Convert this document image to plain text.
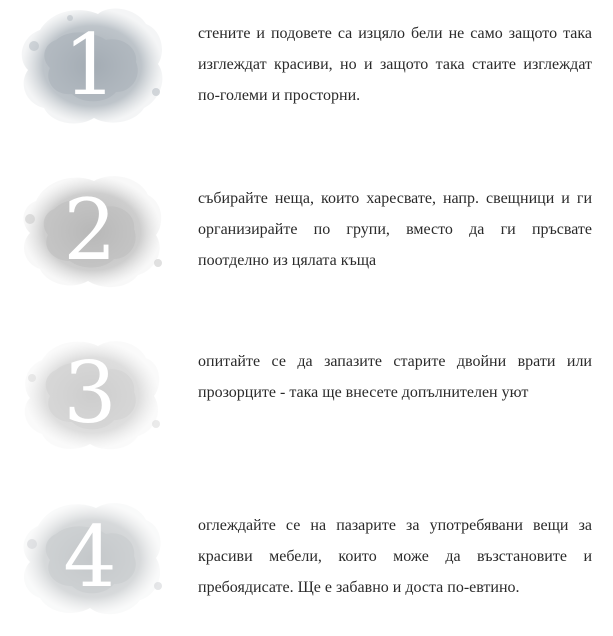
1	стените и подовете са изцяло бели не само защото така изглеждат красиви, но и защото така стаите изглеждат по-големи и просторни.

2	събирайте неща, които харесвате, напр. свещници и ги организирайте по групи, вместо да ги пръсвате поотделно из цялата къща

3	опитайте се да запазите старите двойни врати или прозорците - така ще внесете допълнителен уют

4	оглеждайте се на пазарите за употребявани вещи за красиви мебели, които може да възстановите и пребоядисате. Ще е забавно и доста по-евтино.
